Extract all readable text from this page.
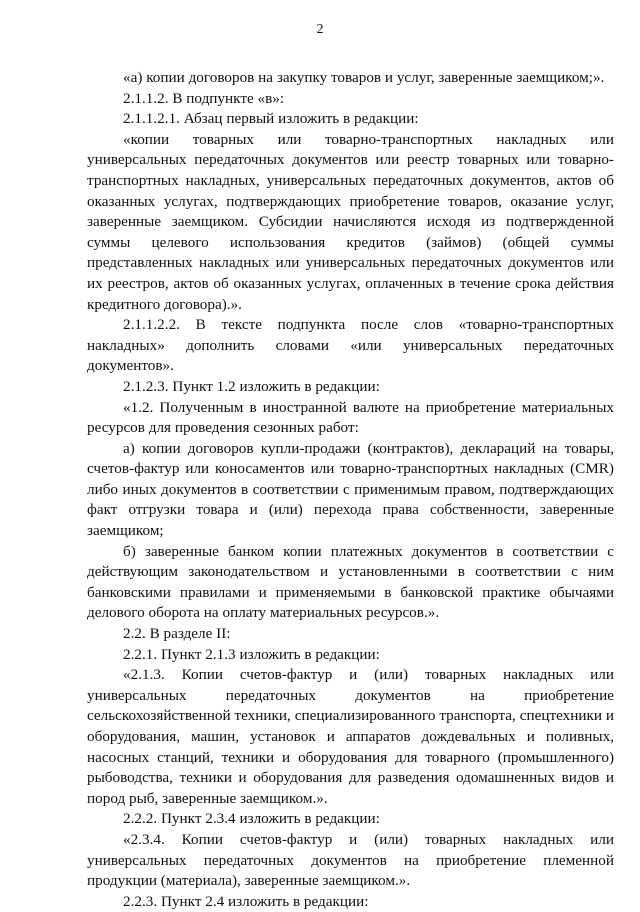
2

«а) копии договоров на закупку товаров и услуг, заверенные заемщиком;».

2.1.1.2. В подпункте «в»:

2.1.1.2.1. Абзац первый изложить в редакции:

«копии товарных или товарно-транспортных накладных или универсальных передаточных документов или реестр товарных или товарно-транспортных накладных, универсальных передаточных документов, актов об оказанных услугах, подтверждающих приобретение товаров, оказание услуг, заверенные заемщиком. Субсидии начисляются исходя из подтвержденной суммы целевого использования кредитов (займов) (общей суммы представленных накладных или универсальных передаточных документов или их реестров, актов об оказанных услугах, оплаченных в течение срока действия кредитного договора).».

2.1.1.2.2. В тексте подпункта после слов «товарно-транспортных накладных» дополнить словами «или универсальных передаточных документов».

2.1.2.3. Пункт 1.2 изложить в редакции:

«1.2. Полученным в иностранной валюте на приобретение материальных ресурсов для проведения сезонных работ:

а) копии договоров купли-продажи (контрактов), деклараций на товары, счетов-фактур или коносаментов или товарно-транспортных накладных (CMR) либо иных документов в соответствии с применимым правом, подтверждающих факт отгрузки товара и (или) перехода права собственности, заверенные заемщиком;

б) заверенные банком копии платежных документов в соответствии с действующим законодательством и установленными в соответствии с ним банковскими правилами и применяемыми в банковской практике обычаями делового оборота на оплату материальных ресурсов.».

2.2. В разделе II:

2.2.1. Пункт 2.1.3 изложить в редакции:

«2.1.3. Копии счетов-фактур и (или) товарных накладных или универсальных передаточных документов на приобретение сельскохозяйственной техники, специализированного транспорта, спецтехники и оборудования, машин, установок и аппаратов дождевальных и поливных, насосных станций, техники и оборудования для товарного (промышленного) рыбоводства, техники и оборудования для разведения одомашненных видов и пород рыб, заверенные заемщиком.».

2.2.2. Пункт 2.3.4 изложить в редакции:

«2.3.4. Копии счетов-фактур и (или) товарных накладных или универсальных передаточных документов на приобретение племенной продукции (материала), заверенные заемщиком.».

2.2.3. Пункт 2.4 изложить в редакции:
